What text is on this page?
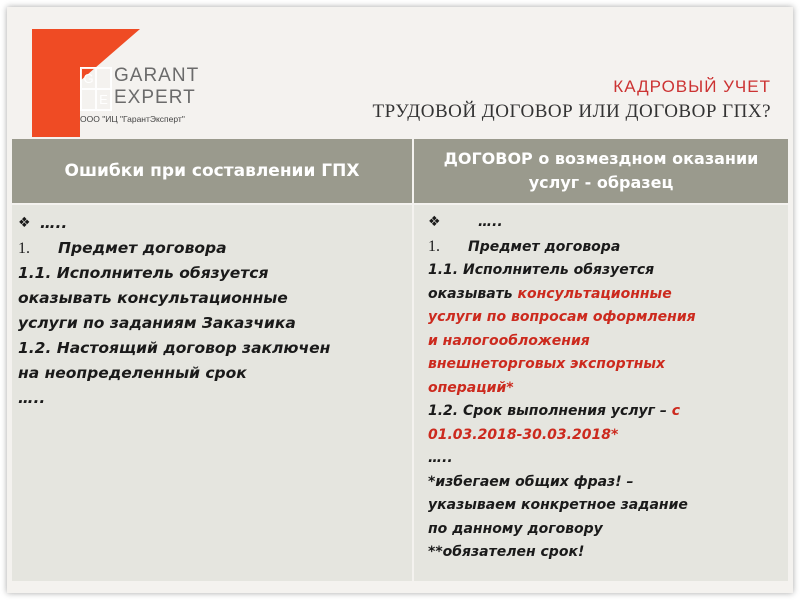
G
E
GARANT
EXPERT
ООО "ИЦ "ГарантЭксперт"
КАДРОВЫЙ УЧЕТ
ТРУДОВОЙ ДОГОВОР ИЛИ ДОГОВОР ГПХ?
Ошибки при составлении ГПХ
ДОГОВОР о возмездном оказании услуг - образец
❖ …..
1. Предмет договора
1.1. Исполнитель обязуется
оказывать консультационные
услуги по заданиям Заказчика
1.2. Настоящий договор заключен
на неопределенный срок
…..
❖	…..
1. Предмет договора
1.1. Исполнитель обязуется
оказывать консультационные
услуги по вопросам оформления
и налогообложения
внешнеторговых экспортных
операций*
1.2. Срок выполнения услуг – с
01.03.2018-30.03.2018*
…..
*избегаем общих фраз! –
указываем конкретное задание
по данному договору
**обязателен срок!
